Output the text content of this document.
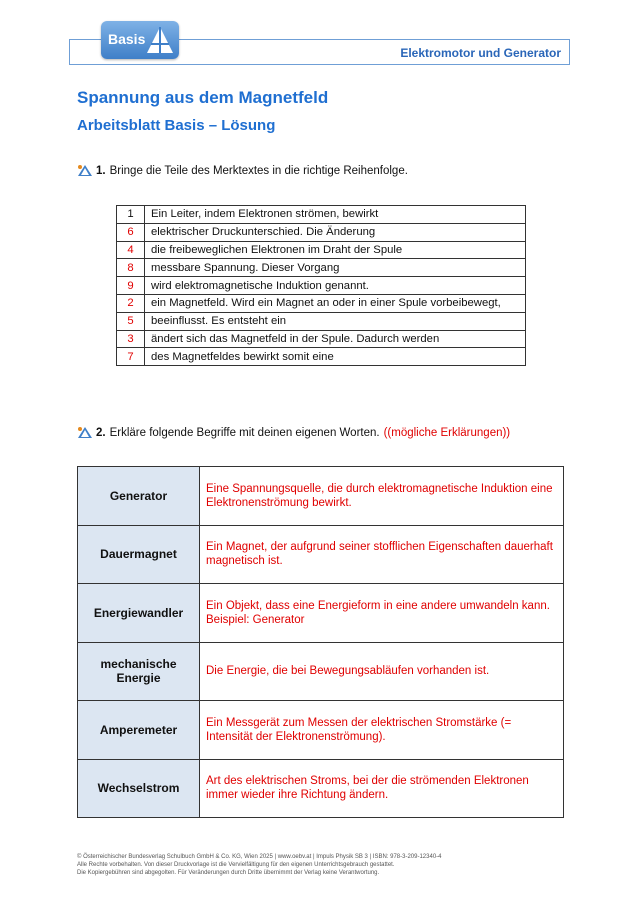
Elektromotor und Generator
Basis
Spannung aus dem Magnetfeld
Arbeitsblatt Basis – Lösung
1. Bringe die Teile des Merktextes in die richtige Reihenfolge.
1	Ein Leiter, indem Elektronen strömen, bewirkt
6	elektrischer Druckunterschied. Die Änderung
4	die freibeweglichen Elektronen im Draht der Spule
8	messbare Spannung. Dieser Vorgang
9	wird elektromagnetische Induktion genannt.
2	ein Magnetfeld. Wird ein Magnet an oder in einer Spule vorbeibewegt,
5	beeinflusst. Es entsteht ein
3	ändert sich das Magnetfeld in der Spule. Dadurch werden
7	des Magnetfeldes bewirkt somit eine
2. Erkläre folgende Begriffe mit deinen eigenen Worten. ((mögliche Erklärungen))
Generator	Eine Spannungsquelle, die durch elektromagnetische Induktion eine Elektronenströmung bewirkt.
Dauermagnet	Ein Magnet, der aufgrund seiner stofflichen Eigenschaften dauerhaft magnetisch ist.
Energiewandler	Ein Objekt, dass eine Energieform in eine andere umwandeln kann. Beispiel: Generator
mechanische Energie	Die Energie, die bei Bewegungsabläufen vorhanden ist.
Amperemeter	Ein Messgerät zum Messen der elektrischen Stromstärke (= Intensität der Elektronenströmung).
Wechselstrom	Art des elektrischen Stroms, bei der die strömenden Elektronen immer wieder ihre Richtung ändern.
© Österreichischer Bundesverlag Schulbuch GmbH & Co. KG, Wien 2025 | www.oebv.at | Impuls Physik SB 3 | ISBN: 978-3-209-12340-4
Alle Rechte vorbehalten. Von dieser Druckvorlage ist die Vervielfältigung für den eigenen Unterrichtsgebrauch gestattet.
Die Kopiergebühren sind abgegolten. Für Veränderungen durch Dritte übernimmt der Verlag keine Verantwortung.
